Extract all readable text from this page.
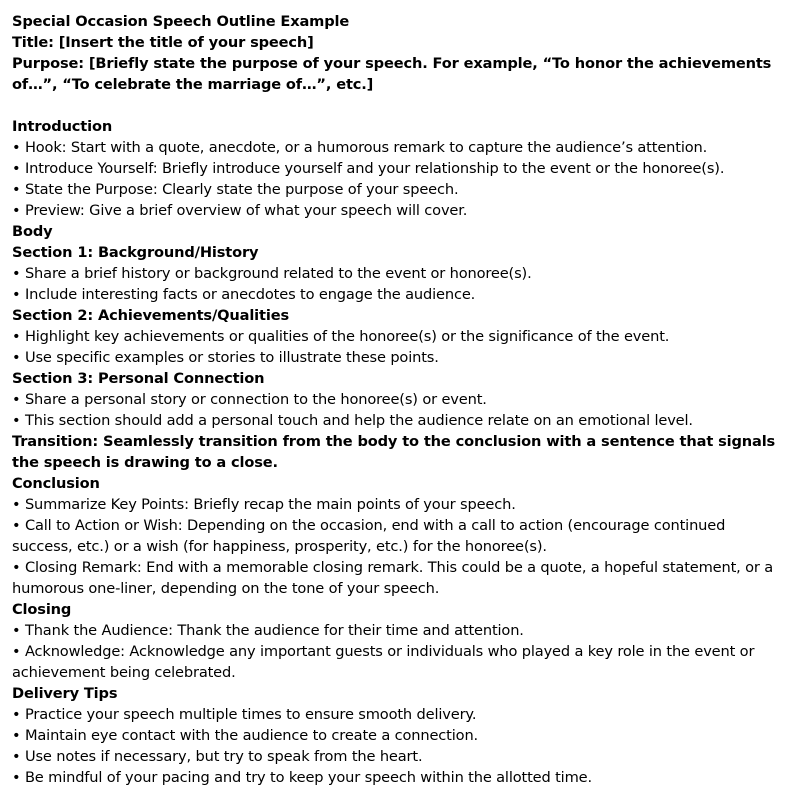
Special Occasion Speech Outline Example
Title: [Insert the title of your speech]
Purpose: [Briefly state the purpose of your speech. For example, “To honor the achievements of…”, “To celebrate the marriage of…”, etc.]
Introduction
• Hook: Start with a quote, anecdote, or a humorous remark to capture the audience’s attention.
• Introduce Yourself: Briefly introduce yourself and your relationship to the event or the honoree(s).
• State the Purpose: Clearly state the purpose of your speech.
• Preview: Give a brief overview of what your speech will cover.
Body
Section 1: Background/History
• Share a brief history or background related to the event or honoree(s).
• Include interesting facts or anecdotes to engage the audience.
Section 2: Achievements/Qualities
• Highlight key achievements or qualities of the honoree(s) or the significance of the event.
• Use specific examples or stories to illustrate these points.
Section 3: Personal Connection
• Share a personal story or connection to the honoree(s) or event.
• This section should add a personal touch and help the audience relate on an emotional level.
Transition: Seamlessly transition from the body to the conclusion with a sentence that signals the speech is drawing to a close.
Conclusion
• Summarize Key Points: Briefly recap the main points of your speech.
• Call to Action or Wish: Depending on the occasion, end with a call to action (encourage continued success, etc.) or a wish (for happiness, prosperity, etc.) for the honoree(s).
• Closing Remark: End with a memorable closing remark. This could be a quote, a hopeful statement, or a humorous one-liner, depending on the tone of your speech.
Closing
• Thank the Audience: Thank the audience for their time and attention.
• Acknowledge: Acknowledge any important guests or individuals who played a key role in the event or achievement being celebrated.
Delivery Tips
• Practice your speech multiple times to ensure smooth delivery.
• Maintain eye contact with the audience to create a connection.
• Use notes if necessary, but try to speak from the heart.
• Be mindful of your pacing and try to keep your speech within the allotted time.
